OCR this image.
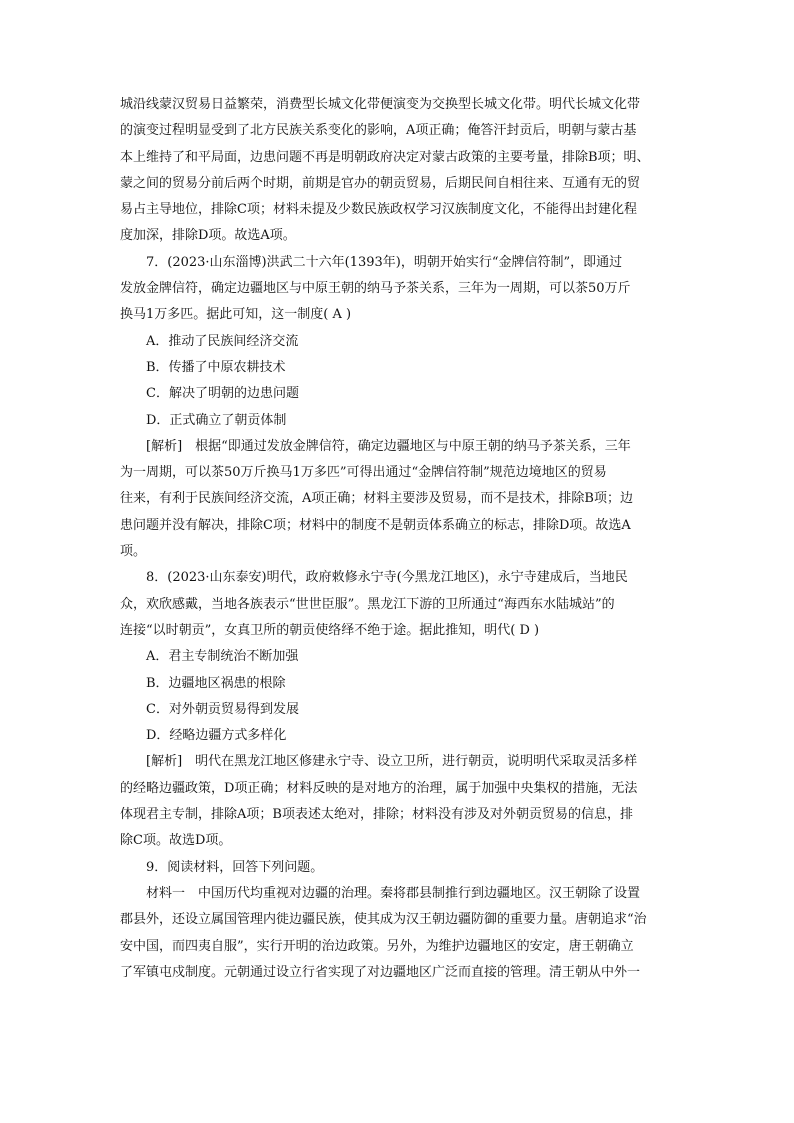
城沿线蒙汉贸易日益繁荣，消费型长城文化带便演变为交换型长城文化带。明代长城文化带
的演变过程明显受到了北方民族关系变化的影响，A项正确；俺答汗封贡后，明朝与蒙古基
本上维持了和平局面，边患问题不再是明朝政府决定对蒙古政策的主要考量，排除B项；明、
蒙之间的贸易分前后两个时期，前期是官办的朝贡贸易，后期民间自相往来、互通有无的贸
易占主导地位，排除C项；材料未提及少数民族政权学习汉族制度文化，不能得出封建化程
度加深，排除D项。故选A项。
7．(2023·山东淄博)洪武二十六年(1393年)，明朝开始实行“金牌信符制”，即通过
发放金牌信符，确定边疆地区与中原王朝的纳马予茶关系，三年为一周期，可以茶50万斤
换马1万多匹。据此可知，这一制度( A )
A．推动了民族间经济交流
B．传播了中原农耕技术
C．解决了明朝的边患问题
D．正式确立了朝贡体制
[解析]　根据“即通过发放金牌信符，确定边疆地区与中原王朝的纳马予茶关系，三年
为一周期，可以茶50万斤换马1万多匹”可得出通过“金牌信符制”规范边境地区的贸易
往来，有利于民族间经济交流，A项正确；材料主要涉及贸易，而不是技术，排除B项；边
患问题并没有解决，排除C项；材料中的制度不是朝贡体系确立的标志，排除D项。故选A
项。
8．(2023·山东泰安)明代，政府敕修永宁寺(今黑龙江地区)，永宁寺建成后，当地民
众，欢欣感戴，当地各族表示“世世臣服”。黑龙江下游的卫所通过“海西东水陆城站”的
连接“以时朝贡”，女真卫所的朝贡使络绎不绝于途。据此推知，明代( D )
A．君主专制统治不断加强
B．边疆地区祸患的根除
C．对外朝贡贸易得到发展
D．经略边疆方式多样化
[解析]　明代在黑龙江地区修建永宁寺、设立卫所，进行朝贡，说明明代采取灵活多样
的经略边疆政策，D项正确；材料反映的是对地方的治理，属于加强中央集权的措施，无法
体现君主专制，排除A项；B项表述太绝对，排除；材料没有涉及对外朝贡贸易的信息，排
除C项。故选D项。
9．阅读材料，回答下列问题。
材料一　中国历代均重视对边疆的治理。秦将郡县制推行到边疆地区。汉王朝除了设置
郡县外，还设立属国管理内徙边疆民族，使其成为汉王朝边疆防御的重要力量。唐朝追求“治
安中国，而四夷自服”，实行开明的治边政策。另外，为维护边疆地区的安定，唐王朝确立
了军镇屯戍制度。元朝通过设立行省实现了对边疆地区广泛而直接的管理。清王朝从中外一
